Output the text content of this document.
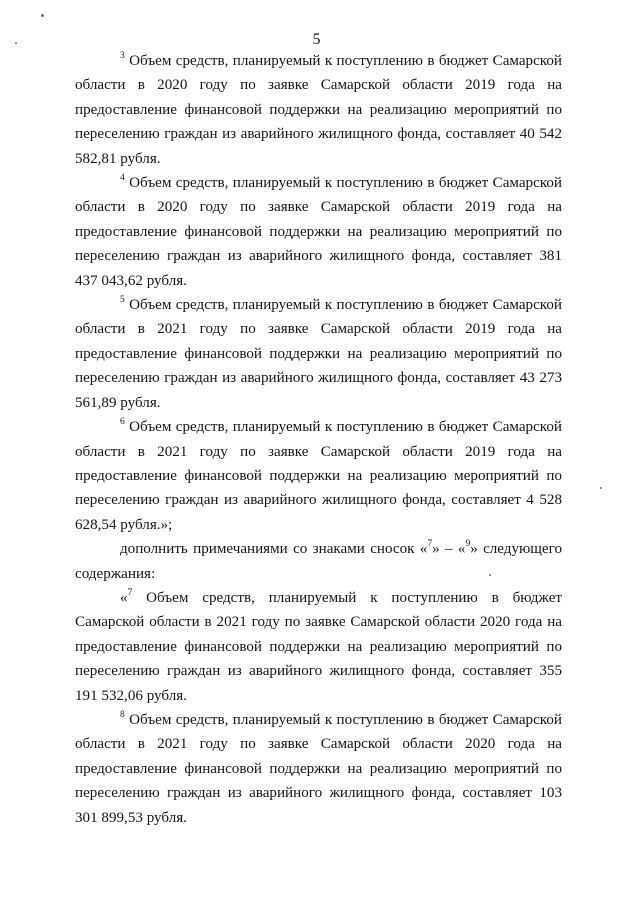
5

$^3$ Объем средств, планируемый к поступлению в бюджет Самарской области в 2020 году по заявке Самарской области 2019 года на предоставление финансовой поддержки на реализацию мероприятий по переселению граждан из аварийного жилищного фонда, составляет 40 542 582,81 рубля.

$^4$ Объем средств, планируемый к поступлению в бюджет Самарской области в 2020 году по заявке Самарской области 2019 года на предоставление финансовой поддержки на реализацию мероприятий по переселению граждан из аварийного жилищного фонда, составляет 381 437 043,62 рубля.

$^5$ Объем средств, планируемый к поступлению в бюджет Самарской области в 2021 году по заявке Самарской области 2019 года на предоставление финансовой поддержки на реализацию мероприятий по переселению граждан из аварийного жилищного фонда, составляет 43 273 561,89 рубля.

$^6$ Объем средств, планируемый к поступлению в бюджет Самарской области в 2021 году по заявке Самарской области 2019 года на предоставление финансовой поддержки на реализацию мероприятий по переселению граждан из аварийного жилищного фонда, составляет 4 528 628,54 рубля.»;

дополнить примечаниями со знаками сносок «$^7$» – «$^9$» следующего содержания:

«$^7$ Объем средств, планируемый к поступлению в бюджет Самарской области в 2021 году по заявке Самарской области 2020 года на предоставление финансовой поддержки на реализацию мероприятий по переселению граждан из аварийного жилищного фонда, составляет 355 191 532,06 рубля.

$^8$ Объем средств, планируемый к поступлению в бюджет Самарской области в 2021 году по заявке Самарской области 2020 года на предоставление финансовой поддержки на реализацию мероприятий по переселению граждан из аварийного жилищного фонда, составляет 103 301 899,53 рубля.
